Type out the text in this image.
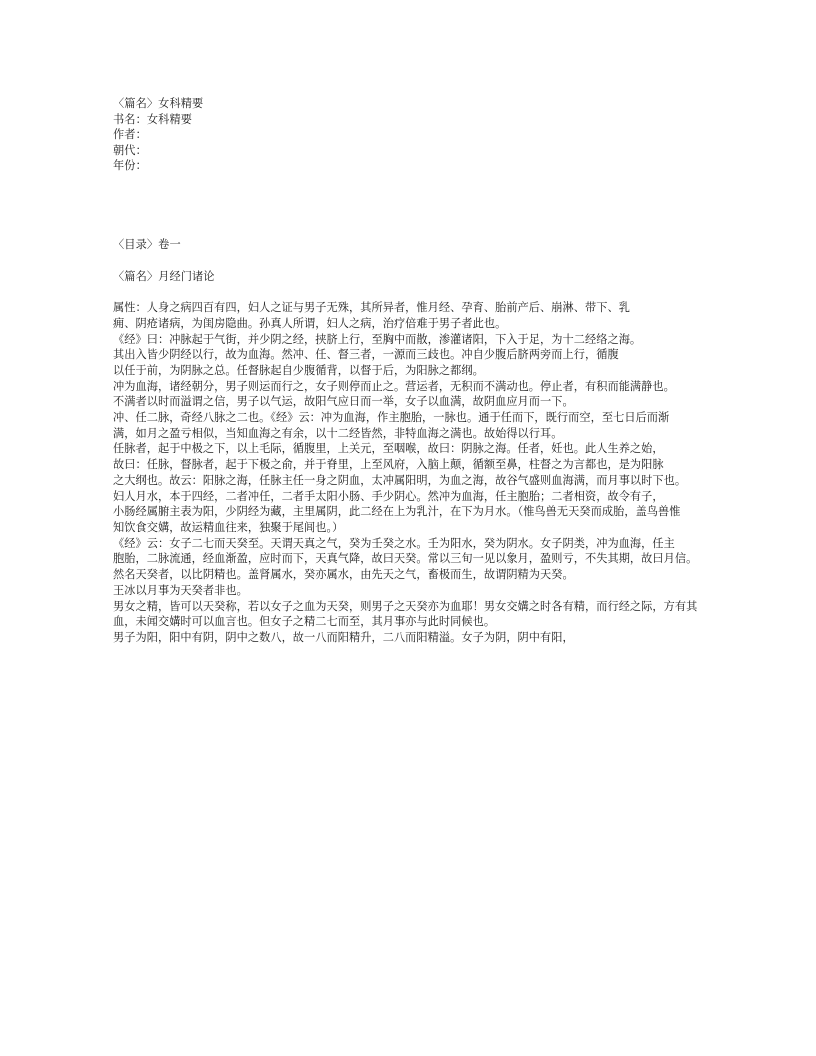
〈篇名〉女科精要
书名：女科精要
作者：
朝代：
年份：
〈目录〉卷一
〈篇名〉月经门诸论
属性：人身之病四百有四，妇人之证与男子无殊，其所异者，惟月经、孕育、胎前产后、崩淋、带下、乳
痈、阴疮诸病，为闺房隐曲。孙真人所谓，妇人之病，治疗倍难于男子者此也。
《经》曰：冲脉起于气街，并少阴之经，挟脐上行，至胸中而散，渗灌诸阳，下入于足，为十二经络之海。
其出入皆少阴经以行，故为血海。然冲、任、督三者，一源而三歧也。冲自少腹后脐两旁而上行，循腹
以任于前，为阴脉之总。任督脉起自少腹循背，以督于后，为阳脉之都纲。
冲为血海，诸经朝分，男子则运而行之，女子则停而止之。营运者，无积而不满动也。停止者，有积而能满静也。
不满者以时而溢谓之信，男子以气运，故阳气应日而一举，女子以血满，故阴血应月而一下。
冲、任二脉，奇经八脉之二也。《经》云：冲为血海，作主胞胎，一脉也。通于任而下，既行而空，至七日后而渐
满，如月之盈亏相似，当知血海之有余，以十二经皆然，非特血海之满也。故始得以行耳。
任脉者，起于中极之下，以上毛际，循腹里，上关元，至咽喉，故曰：阴脉之海。任者，妊也。此人生养之始，
故曰：任脉，督脉者，起于下极之俞，并于脊里，上至风府，入脑上颠，循额至鼻，柱督之为言都也，是为阳脉
之大纲也。故云：阳脉之海，任脉主任一身之阴血，太冲属阳明，为血之海，故谷气盛则血海满，而月事以时下也。
妇人月水，本于四经，二者冲任，二者手太阳小肠、手少阴心。然冲为血海，任主胞胎；二者相资，故令有子，
小肠经属腑主表为阳，少阴经为藏，主里属阴，此二经在上为乳汁，在下为月水。（惟鸟兽无天癸而成胎，盖鸟兽惟
知饮食交媾，故运精血往来，独聚于尾闾也。）
《经》云：女子二七而天癸至。天谓天真之气，癸为壬癸之水。壬为阳水，癸为阴水。女子阴类，冲为血海，任主
胞胎，二脉流通，经血渐盈，应时而下，天真气降，故曰天癸。常以三旬一见以象月，盈则亏，不失其期，故曰月信。
然名天癸者，以比阴精也。盖肾属水，癸亦属水，由先天之气，畜极而生，故谓阴精为天癸。
王冰以月事为天癸者非也。
男女之精，皆可以天癸称，若以女子之血为天癸，则男子之天癸亦为血耶！男女交媾之时各有精，而行经之际，方有其
血，未闻交媾时可以血言也。但女子之精二七而至，其月事亦与此时同候也。
男子为阳，阳中有阴，阴中之数八，故一八而阳精升，二八而阳精溢。女子为阴，阴中有阳，
